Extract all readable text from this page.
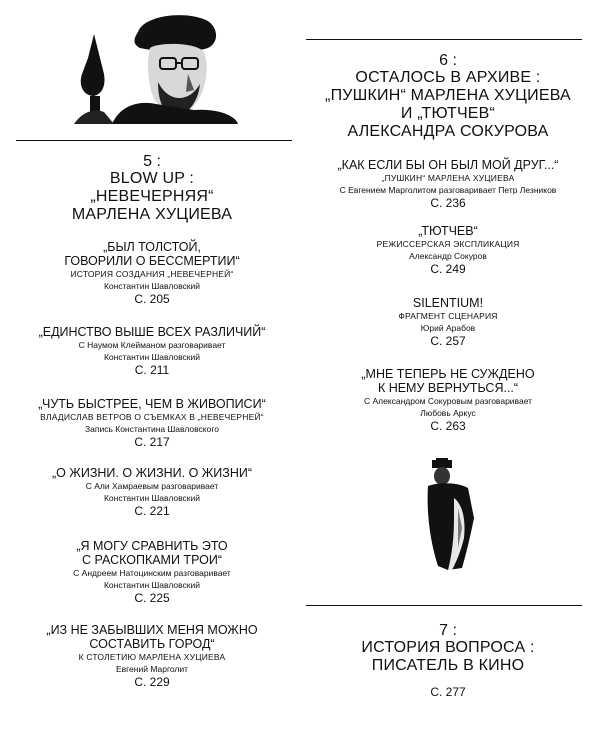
5 :
BLOW UP :
„НЕВЕЧЕРНЯЯ“
МАРЛЕНА ХУЦИЕВА
„БЫЛ ТОЛСТОЙ,
ГОВОРИЛИ О БЕССМЕРТИИ“
ИСТОРИЯ СОЗДАНИЯ „НЕВЕЧЕРНЕЙ“
Константин Шавловский
С. 205
„ЕДИНСТВО ВЫШЕ ВСЕХ РАЗЛИЧИЙ“
С Наумом Клейманом разговаривает
Константин Шавловский
С. 211
„ЧУТЬ БЫСТРЕЕ, ЧЕМ В ЖИВОПИСИ“
ВЛАДИСЛАВ ВЕТРОВ О СЪЕМКАХ В „НЕВЕЧЕРНЕЙ“
Запись Константина Шавловского
С. 217
„О ЖИЗНИ. О ЖИЗНИ. О ЖИЗНИ“
С Али Хамраевым разговаривает
Константин Шавловский
С. 221
„Я МОГУ СРАВНИТЬ ЭТО
С РАСКОПКАМИ ТРОИ“
С Андреем Натоцинским разговаривает
Константин Шавловский
С. 225
„ИЗ НЕ ЗАБЫВШИХ МЕНЯ МОЖНО
СОСТАВИТЬ ГОРОД“
К СТОЛЕТИЮ МАРЛЕНА ХУЦИЕВА
Евгений Марголит
С. 229
6 :
ОСТАЛОСЬ В АРХИВЕ :
„ПУШКИН“ МАРЛЕНА ХУЦИЕВА
И „ТЮТЧЕВ“
АЛЕКСАНДРА СОКУРОВА
„КАК ЕСЛИ БЫ ОН БЫЛ МОЙ ДРУГ...“
„ПУШКИН“ МАРЛЕНА ХУЦИЕВА
С Евгением Марголитом разговаривает Петр Лезников
С. 236
„ТЮТЧЕВ“
РЕЖИССЕРСКАЯ ЭКСПЛИКАЦИЯ
Александр Сокуров
С. 249
SILENTIUM!
ФРАГМЕНТ СЦЕНАРИЯ
Юрий Арабов
С. 257
„МНЕ ТЕПЕРЬ НЕ СУЖДЕНО
К НЕМУ ВЕРНУТЬСЯ...“
С Александром Сокуровым разговаривает
Любовь Аркус
С. 263
7 :
ИСТОРИЯ ВОПРОСА :
ПИСАТЕЛЬ В КИНО
С. 277
